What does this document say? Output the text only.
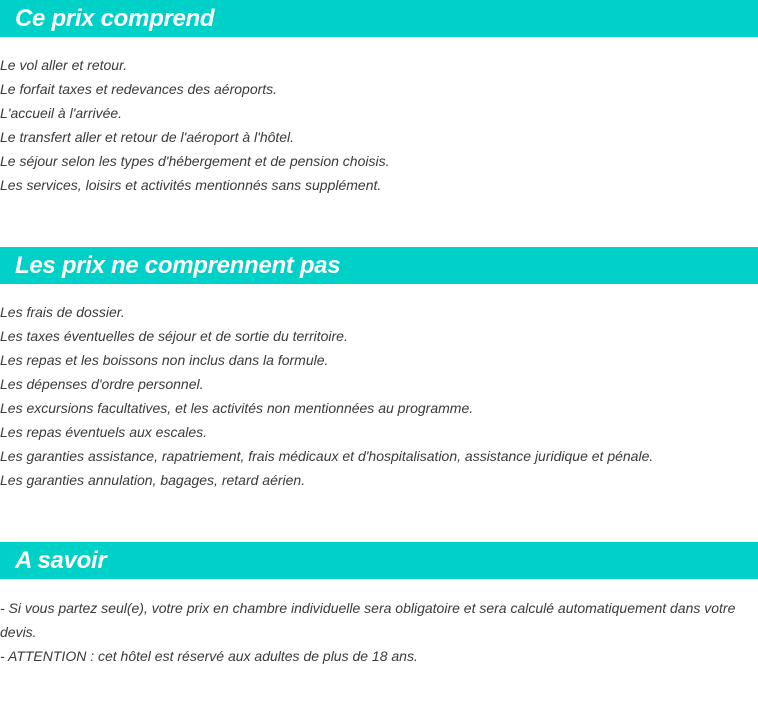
Ce prix comprend
Le vol aller et retour.
Le forfait taxes et redevances des aéroports.
L'accueil à l'arrivée.
Le transfert aller et retour de l'aéroport à l'hôtel.
Le séjour selon les types d'hébergement et de pension choisis.
Les services, loisirs et activités mentionnés sans supplément.
Les prix ne comprennent pas
Les frais de dossier.
Les taxes éventuelles de séjour et de sortie du territoire.
Les repas et les boissons non inclus dans la formule.
Les dépenses d'ordre personnel.
Les excursions facultatives, et les activités non mentionnées au programme.
Les repas éventuels aux escales.
Les garanties assistance, rapatriement, frais médicaux et d'hospitalisation, assistance juridique et pénale.
Les garanties annulation, bagages, retard aérien.
A savoir
- Si vous partez seul(e), votre prix en chambre individuelle sera obligatoire et sera calculé automatiquement dans votre devis.
- ATTENTION : cet hôtel est réservé aux adultes de plus de 18 ans.
